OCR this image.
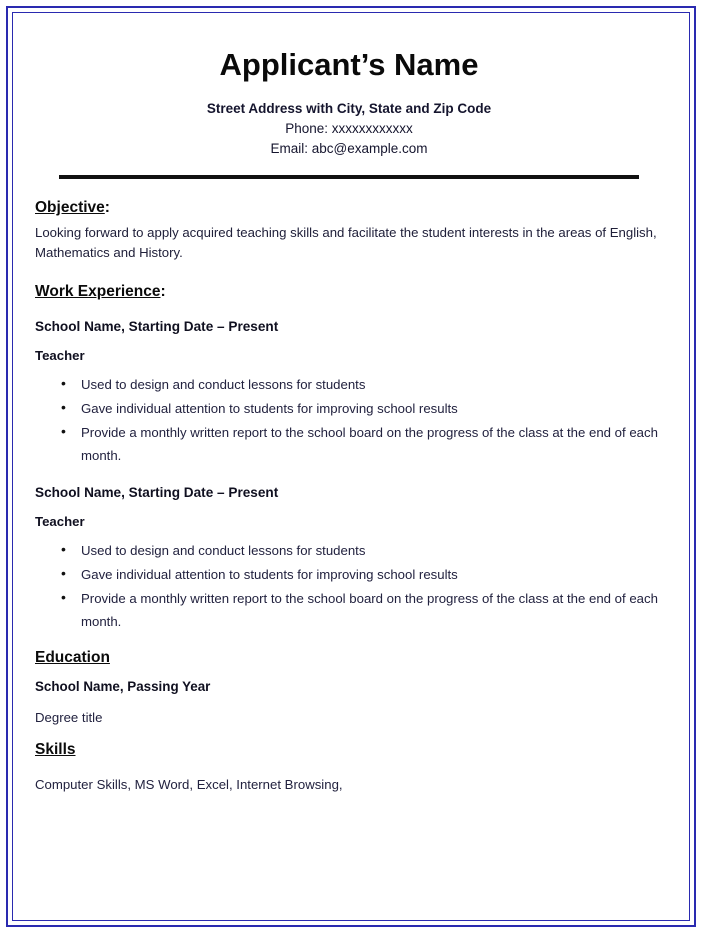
Applicant’s Name
Street Address with City, State and Zip Code
Phone: xxxxxxxxxxxx
Email: abc@example.com
Objective:

Looking forward to apply acquired teaching skills and facilitate the student interests in the areas of English, Mathematics and History.

Work Experience:
School Name, Starting Date – Present
Teacher
• Used to design and conduct lessons for students
• Gave individual attention to students for improving school results
• Provide a monthly written report to the school board on the progress of the class at the end of each month.
School Name, Starting Date – Present
Teacher
• Used to design and conduct lessons for students
• Gave individual attention to students for improving school results
• Provide a monthly written report to the school board on the progress of the class at the end of each month.
Education
School Name, Passing Year
Degree title
Skills
Computer Skills, MS Word, Excel, Internet Browsing,
